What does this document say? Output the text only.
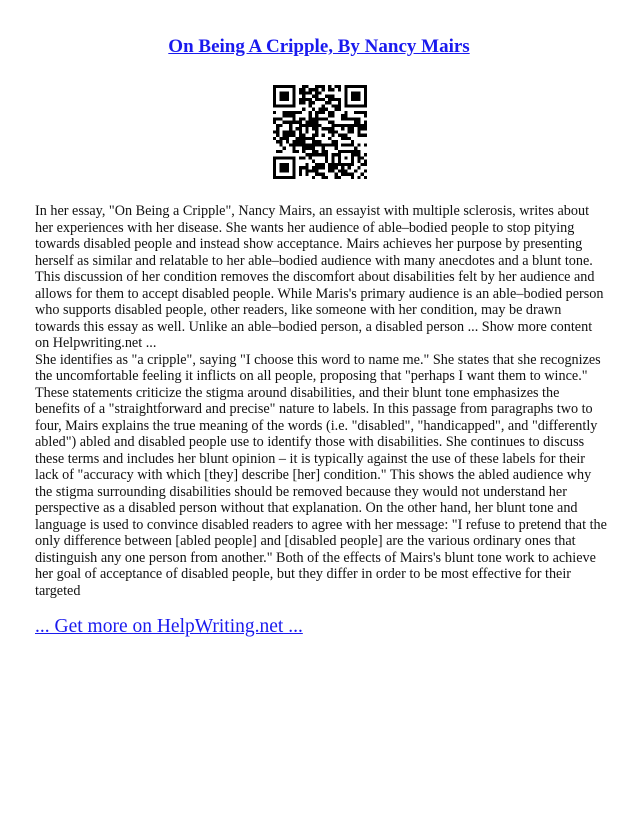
On Being A Cripple, By Nancy Mairs

In her essay, "On Being a Cripple", Nancy Mairs, an essayist with multiple sclerosis, writes about her experiences with her disease. She wants her audience of able–bodied people to stop pitying towards disabled people and instead show acceptance. Mairs achieves her purpose by presenting herself as similar and relatable to her able–bodied audience with many anecdotes and a blunt tone. This discussion of her condition removes the discomfort about disabilities felt by her audience and allows for them to accept disabled people. While Maris's primary audience is an able–bodied person who supports disabled people, other readers, like someone with her condition, may be drawn towards this essay as well. Unlike an able–bodied person, a disabled person ... Show more content on Helpwriting.net ...

She identifies as "a cripple", saying "I choose this word to name me." She states that she recognizes the uncomfortable feeling it inflicts on all people, proposing that "perhaps I want them to wince." These statements criticize the stigma around disabilities, and their blunt tone emphasizes the benefits of a "straightforward and precise" nature to labels. In this passage from paragraphs two to four, Mairs explains the true meaning of the words (i.e. "disabled", "handicapped", and "differently abled") abled and disabled people use to identify those with disabilities. She continues to discuss these terms and includes her blunt opinion – it is typically against the use of these labels for their lack of "accuracy with which [they] describe [her] condition." This shows the abled audience why the stigma surrounding disabilities should be removed because they would not understand her perspective as a disabled person without that explanation. On the other hand, her blunt tone and language is used to convince disabled readers to agree with her message: "I refuse to pretend that the only difference between [abled people] and [disabled people] are the various ordinary ones that distinguish any one person from another." Both of the effects of Mairs's blunt tone work to achieve her goal of acceptance of disabled people, but they differ in order to be most effective for their targeted

... Get more on HelpWriting.net ...
